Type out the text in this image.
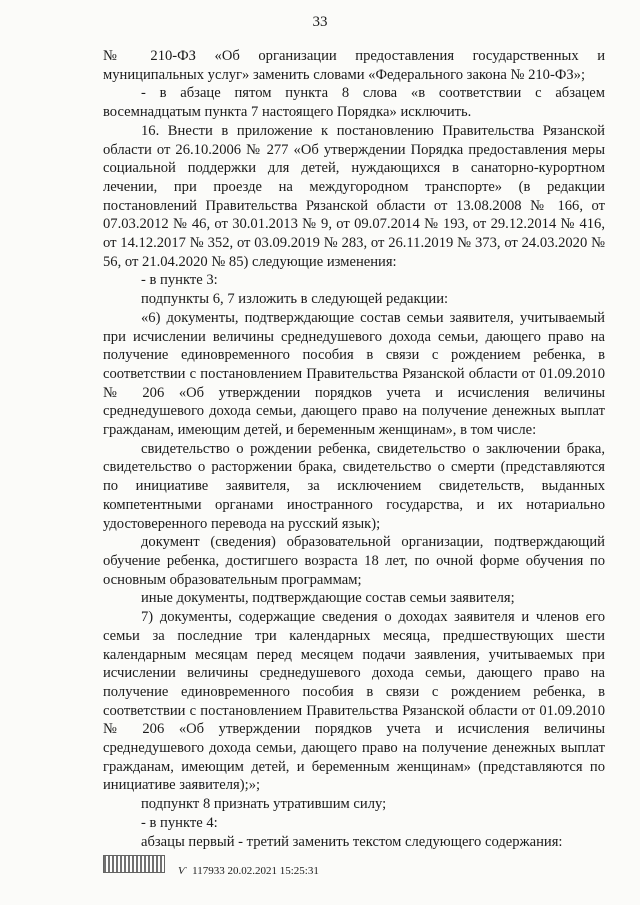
33

№ 210-ФЗ «Об организации предоставления государственных и муниципальных услуг» заменить словами «Федерального закона № 210-ФЗ»;

- в абзаце пятом пункта 8 слова «в соответствии с абзацем восемнадцатым пункта 7 настоящего Порядка» исключить.

16. Внести в приложение к постановлению Правительства Рязанской области от 26.10.2006 № 277 «Об утверждении Порядка предоставления меры социальной поддержки для детей, нуждающихся в санаторно-курортном лечении, при проезде на междугородном транспорте» (в редакции постановлений Правительства Рязанской области от 13.08.2008 № 166, от 07.03.2012 № 46, от 30.01.2013 № 9, от 09.07.2014 № 193, от 29.12.2014 № 416, от 14.12.2017 № 352, от 03.09.2019 № 283, от 26.11.2019 № 373, от 24.03.2020 № 56, от 21.04.2020 № 85) следующие изменения:

- в пункте 3:

подпункты 6, 7 изложить в следующей редакции:

«6) документы, подтверждающие состав семьи заявителя, учитываемый при исчислении величины среднедушевого дохода семьи, дающего право на получение единовременного пособия в связи с рождением ребенка, в соответствии с постановлением Правительства Рязанской области от 01.09.2010 № 206 «Об утверждении порядков учета и исчисления величины среднедушевого дохода семьи, дающего право на получение денежных выплат гражданам, имеющим детей, и беременным женщинам», в том числе:

свидетельство о рождении ребенка, свидетельство о заключении брака, свидетельство о расторжении брака, свидетельство о смерти (представляются по инициативе заявителя, за исключением свидетельств, выданных компетентными органами иностранного государства, и их нотариально удостоверенного перевода на русский язык);

документ (сведения) образовательной организации, подтверждающий обучение ребенка, достигшего возраста 18 лет, по очной форме обучения по основным образовательным программам;

иные документы, подтверждающие состав семьи заявителя;

7) документы, содержащие сведения о доходах заявителя и членов его семьи за последние три календарных месяца, предшествующих шести календарным месяцам перед месяцем подачи заявления, учитываемых при исчислении величины среднедушевого дохода семьи, дающего право на получение единовременного пособия в связи с рождением ребенка, в соответствии с постановлением Правительства Рязанской области от 01.09.2010 № 206 «Об утверждении порядков учета и исчисления величины среднедушевого дохода семьи, дающего право на получение денежных выплат гражданам, имеющим детей, и беременным женщинам» (представляются по инициативе заявителя);»;

подпункт 8 признать утратившим силу;

- в пункте 4:

абзацы первый - третий заменить текстом следующего содержания:

Ѵ 117933 20.02.2021 15:25:31
